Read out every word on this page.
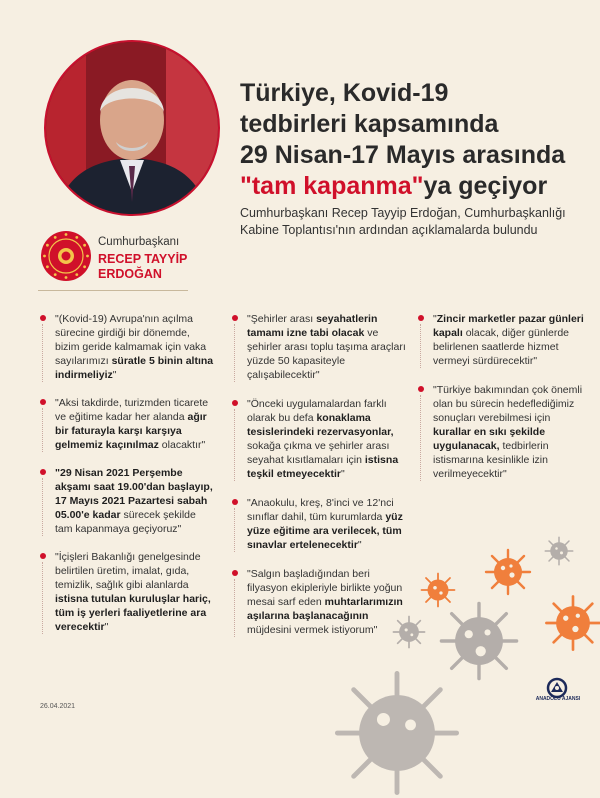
Türkiye, Kovid-19
tedbirleri kapsamında
29 Nisan-17 Mayıs arasında
"tam kapanma"ya geçiyor

Cumhurbaşkanı Recep Tayyip Erdoğan, Cumhurbaşkanlığı Kabine Toplantısı'nın ardından açıklamalarda bulundu

Cumhurbaşkanı
RECEP TAYYİP
ERDOĞAN
"(Kovid-19) Avrupa'nın açılma sürecine girdiği bir dönemde, bizim geride kalmamak için vaka sayılarımızı süratle 5 binin altına indirmeliyiz"
"Aksi takdirde, turizmden ticarete ve eğitime kadar her alanda ağır bir faturayla karşı karşıya gelmemiz kaçınılmaz olacaktır"
"29 Nisan 2021 Perşembe akşamı saat 19.00'dan başlayıp, 17 Mayıs 2021 Pazartesi sabah 05.00'e kadar sürecek şekilde tam kapanmaya geçiyoruz"
"İçişleri Bakanlığı genelgesinde belirtilen üretim, imalat, gıda, temizlik, sağlık gibi alanlarda istisna tutulan kuruluşlar hariç, tüm iş yerleri faaliyetlerine ara verecektir"
"Şehirler arası seyahatlerin tamamı izne tabi olacak ve şehirler arası toplu taşıma araçları yüzde 50 kapasiteyle çalışabilecektir"
"Önceki uygulamalardan farklı olarak bu defa konaklama tesislerindeki rezervasyonlar, sokağa çıkma ve şehirler arası seyahat kısıtlamaları için istisna teşkil etmeyecektir"
"Anaokulu, kreş, 8'inci ve 12'nci sınıflar dahil, tüm kurumlarda yüz yüze eğitime ara verilecek, tüm sınavlar ertelenecektir"
"Salgın başladığından beri filyasyon ekipleriyle birlikte yoğun mesai sarf eden muhtarlarımızın aşılarına başlanacağının müjdesini vermek istiyorum"
"Zincir marketler pazar günleri kapalı olacak, diğer günlerde belirlenen saatlerde hizmet vermeyi sürdürecektir"
"Türkiye bakımından çok önemli olan bu sürecin hedeflediğimiz sonuçları verebilmesi için kurallar en sıkı şekilde uygulanacak, tedbirlerin istismarına kesinlikle izin verilmeyecektir"
26.04.2021
ANADOLU AJANSI
